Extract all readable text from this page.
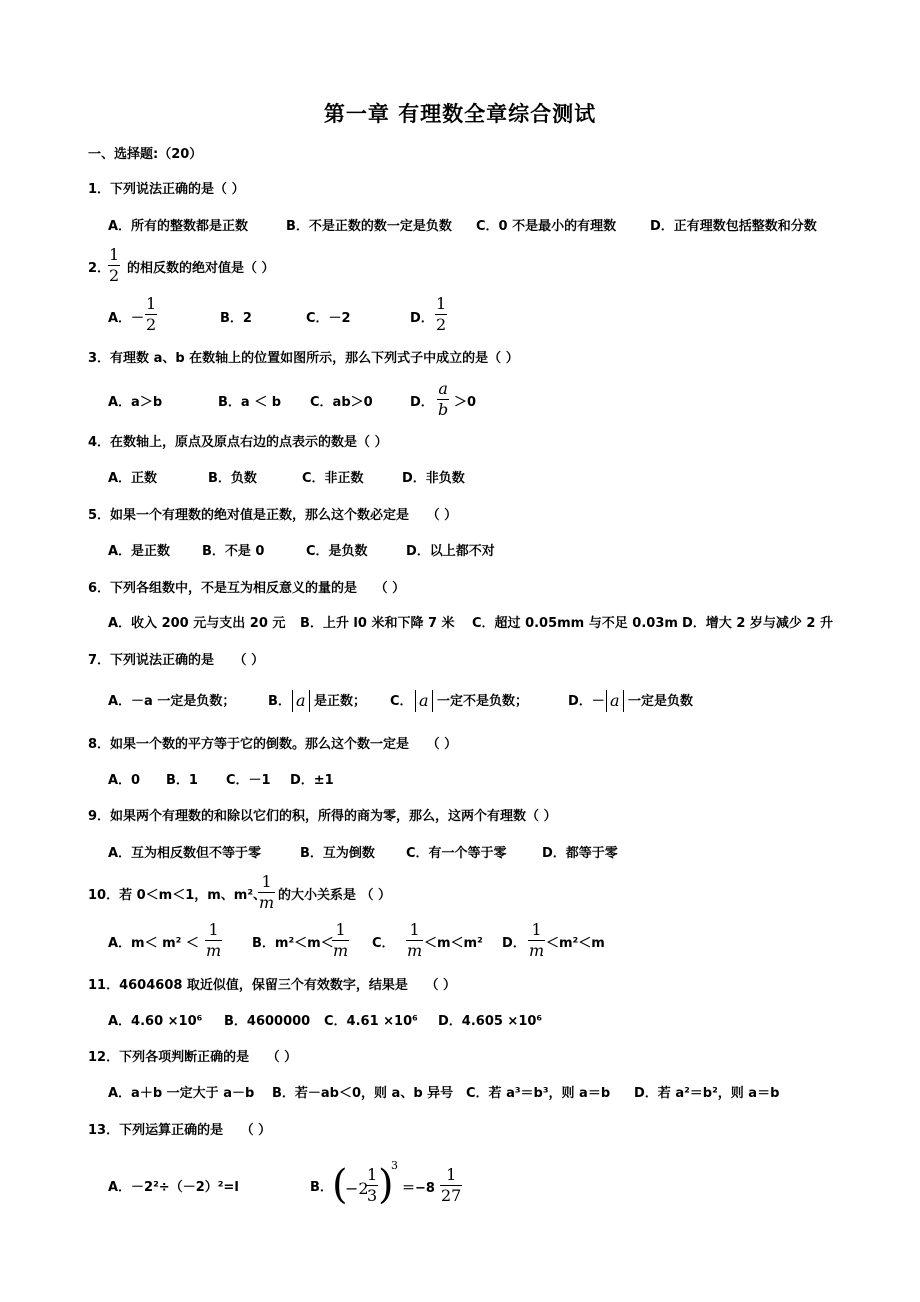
第一章 有理数全章综合测试
一、选择题:（20）
1．下列说法正确的是（ ）
A．所有的整数都是正数	B．不是正数的数一定是负数 C．0 不是最小的有理数	D．正有理数包括整数和分数
2．
1
2 的相反数的绝对值是（ ）
A．－
1
2	B．2	C．－2	D．
1
2
3．有理数 a、b 在数轴上的位置如图所示，那么下列式子中成立的是（ ）
A．a＞b	B．a ＜ b C．ab＞0	D．
a
b ＞0
4．在数轴上，原点及原点右边的点表示的数是（ ）
A．正数	B．负数	C．非正数	D．非负数
5．如果一个有理数的绝对值是正数，那么这个数必定是　 （ ）
A．是正数 B．不是 0	C．是负数	D．以上都不对
6．下列各组数中，不是互为相反意义的量的是　 （ ）
A．收入 200 元与支出 20 元 B．上升 l0 米和下降 7 米 C．超过 0.05mm 与不足 0.03m D．增大 2 岁与减少 2 升
7．下列说法正确的是　　（ ）
A．－a 一定是负数；	B． a 是正数； C． a 一定不是负数；	D．－ a 一定是负数
8．如果一个数的平方等于它的倒数。那么这个数一定是　 （ ）
A．0 B．1 C．－1 D．±1
9．如果两个有理数的和除以它们的积，所得的商为零，那么，这两个有理数（ ）
A．互为相反数但不等于零	B．互为倒数 C．有一个等于零	D．都等于零
10．若 0＜m＜1，m、m²、
1
m 的大小关系是 （ ）
A．m＜ m² ＜
1
m B．m²＜m＜
1
m C．
1
m ＜m＜m² D．
1
m ＜m²＜m
11．4604608 取近似值，保留三个有效数字，结果是　 （ ）
A．4.60 ×10⁶ B．4600000 C．4.61 ×10⁶ D．4.605 ×10⁶
12．下列各项判断正确的是　 （ ）
A．a＋b 一定大于 a－b B．若－ab＜0，则 a、b 异号 C．若 a³＝b³，则 a＝b D．若 a²＝b²，则 a＝b
13．下列运算正确的是　 （ ）
A．－2²÷（－2）²=l	B． (
−2
1
3 )
3
＝−8
1
27
